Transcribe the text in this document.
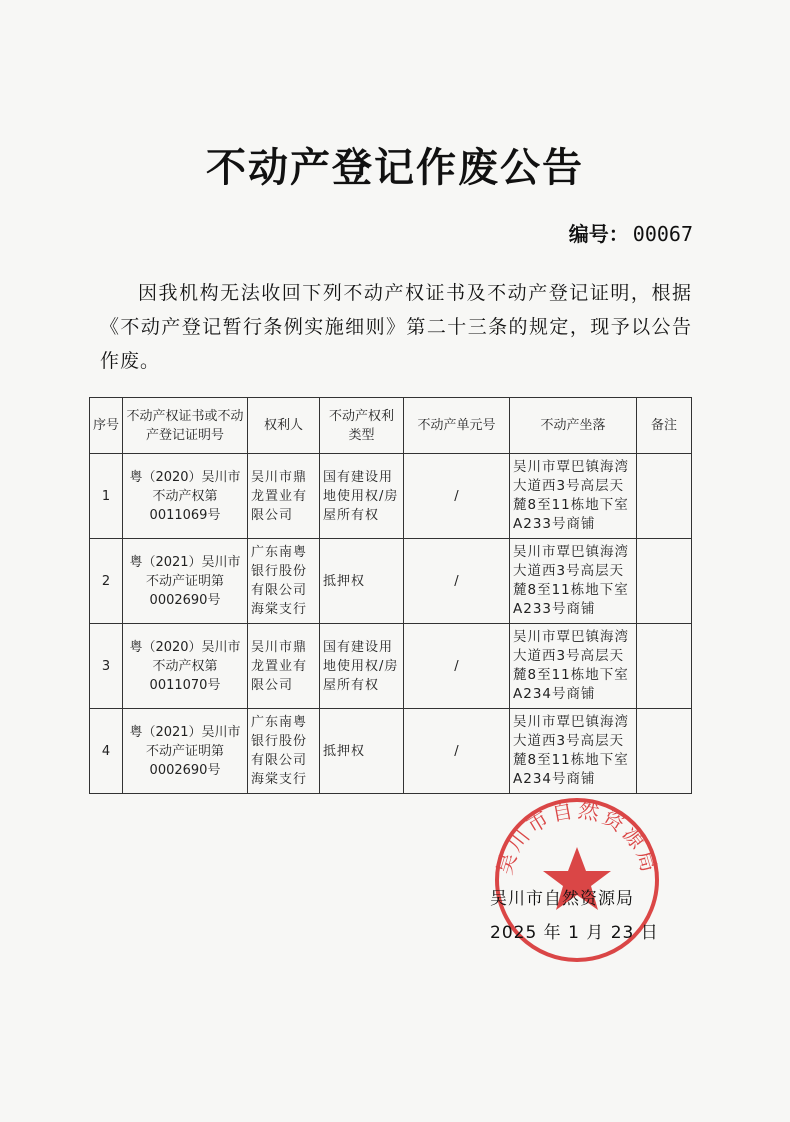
不动产登记作废公告
编号： 00067
因我机构无法收回下列不动产权证书及不动产登记证明，根据《不动产登记暂行条例实施细则》第二十三条的规定，现予以公告作废。
序号	不动产权证书或不动产登记证明号	权利人	不动产权利类型	不动产单元号	不动产坐落	备注
1	粤（2020）吴川市不动产权第0011069号	吴川市鼎龙置业有限公司	国有建设用地使用权/房屋所有权	/	吴川市覃巴镇海湾大道西3号高层天麓8至11栋地下室A233号商铺	
2	粤（2021）吴川市不动产证明第0002690号	广东南粤银行股份有限公司海棠支行	抵押权	/	吴川市覃巴镇海湾大道西3号高层天麓8至11栋地下室A233号商铺	
3	粤（2020）吴川市不动产权第0011070号	吴川市鼎龙置业有限公司	国有建设用地使用权/房屋所有权	/	吴川市覃巴镇海湾大道西3号高层天麓8至11栋地下室A234号商铺	
4	粤（2021）吴川市不动产证明第0002690号	广东南粤银行股份有限公司海棠支行	抵押权	/	吴川市覃巴镇海湾大道西3号高层天麓8至11栋地下室A234号商铺	
吴川市自然资源局
吴川市自然资源局
2025 年 1 月 23 日
